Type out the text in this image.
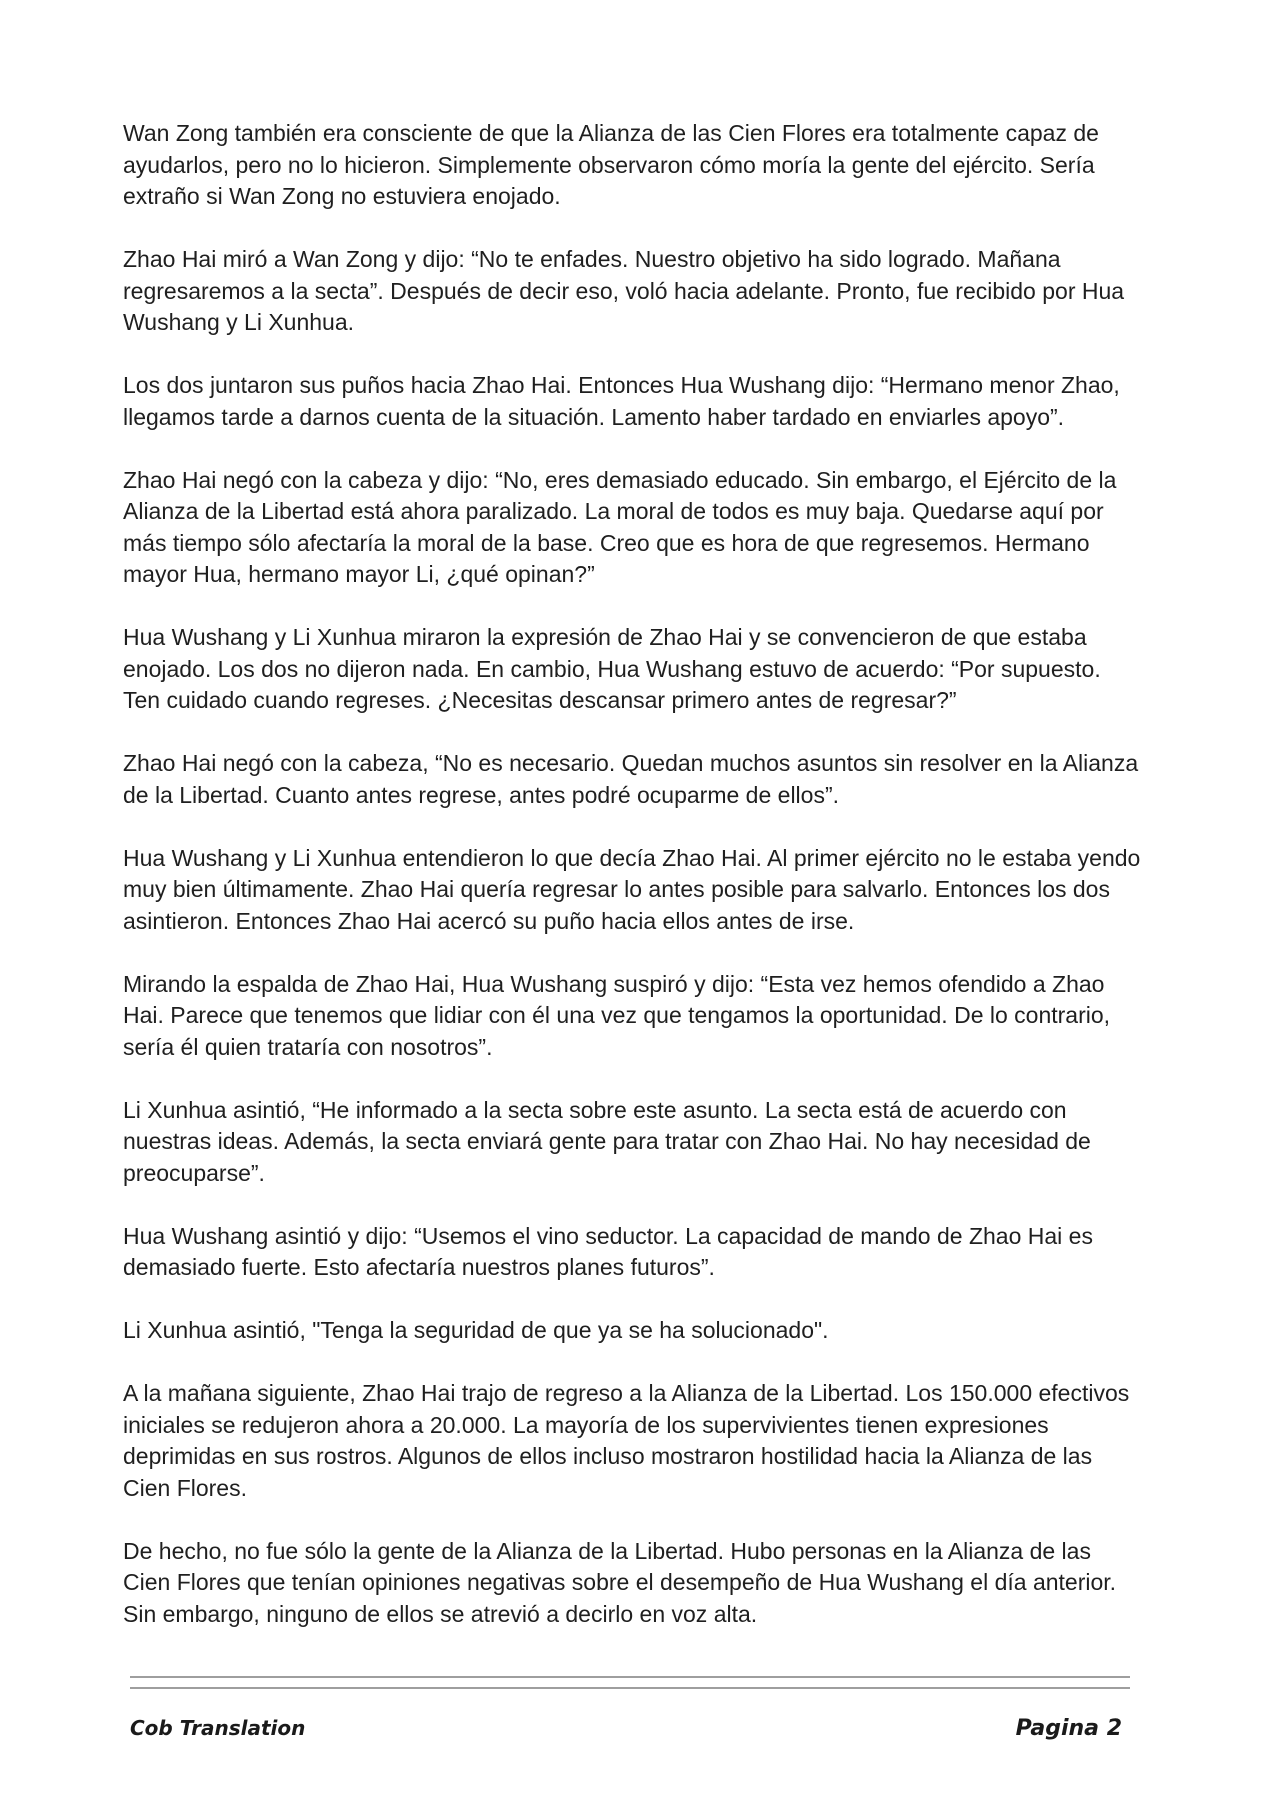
Wan Zong también era consciente de que la Alianza de las Cien Flores era totalmente capaz de ayudarlos, pero no lo hicieron. Simplemente observaron cómo moría la gente del ejército. Sería extraño si Wan Zong no estuviera enojado.

Zhao Hai miró a Wan Zong y dijo: “No te enfades. Nuestro objetivo ha sido logrado. Mañana regresaremos a la secta”. Después de decir eso, voló hacia adelante. Pronto, fue recibido por Hua Wushang y Li Xunhua.

Los dos juntaron sus puños hacia Zhao Hai. Entonces Hua Wushang dijo: “Hermano menor Zhao, llegamos tarde a darnos cuenta de la situación. Lamento haber tardado en enviarles apoyo”.

Zhao Hai negó con la cabeza y dijo: “No, eres demasiado educado. Sin embargo, el Ejército de la Alianza de la Libertad está ahora paralizado. La moral de todos es muy baja. Quedarse aquí por más tiempo sólo afectaría la moral de la base. Creo que es hora de que regresemos. Hermano mayor Hua, hermano mayor Li, ¿qué opinan?”

Hua Wushang y Li Xunhua miraron la expresión de Zhao Hai y se convencieron de que estaba enojado. Los dos no dijeron nada. En cambio, Hua Wushang estuvo de acuerdo: “Por supuesto. Ten cuidado cuando regreses. ¿Necesitas descansar primero antes de regresar?”

Zhao Hai negó con la cabeza, “No es necesario. Quedan muchos asuntos sin resolver en la Alianza de la Libertad. Cuanto antes regrese, antes podré ocuparme de ellos”.

Hua Wushang y Li Xunhua entendieron lo que decía Zhao Hai. Al primer ejército no le estaba yendo muy bien últimamente. Zhao Hai quería regresar lo antes posible para salvarlo. Entonces los dos asintieron. Entonces Zhao Hai acercó su puño hacia ellos antes de irse.

Mirando la espalda de Zhao Hai, Hua Wushang suspiró y dijo: “Esta vez hemos ofendido a Zhao Hai. Parece que tenemos que lidiar con él una vez que tengamos la oportunidad. De lo contrario, sería él quien trataría con nosotros”.

Li Xunhua asintió, “He informado a la secta sobre este asunto. La secta está de acuerdo con nuestras ideas. Además, la secta enviará gente para tratar con Zhao Hai. No hay necesidad de preocuparse”.

Hua Wushang asintió y dijo: “Usemos el vino seductor. La capacidad de mando de Zhao Hai es demasiado fuerte. Esto afectaría nuestros planes futuros”.

Li Xunhua asintió, "Tenga la seguridad de que ya se ha solucionado".

A la mañana siguiente, Zhao Hai trajo de regreso a la Alianza de la Libertad. Los 150.000 efectivos iniciales se redujeron ahora a 20.000. La mayoría de los supervivientes tienen expresiones deprimidas en sus rostros. Algunos de ellos incluso mostraron hostilidad hacia la Alianza de las Cien Flores.

De hecho, no fue sólo la gente de la Alianza de la Libertad. Hubo personas en la Alianza de las Cien Flores que tenían opiniones negativas sobre el desempeño de Hua Wushang el día anterior. Sin embargo, ninguno de ellos se atrevió a decirlo en voz alta.

Cob Translation	Pagina 2
